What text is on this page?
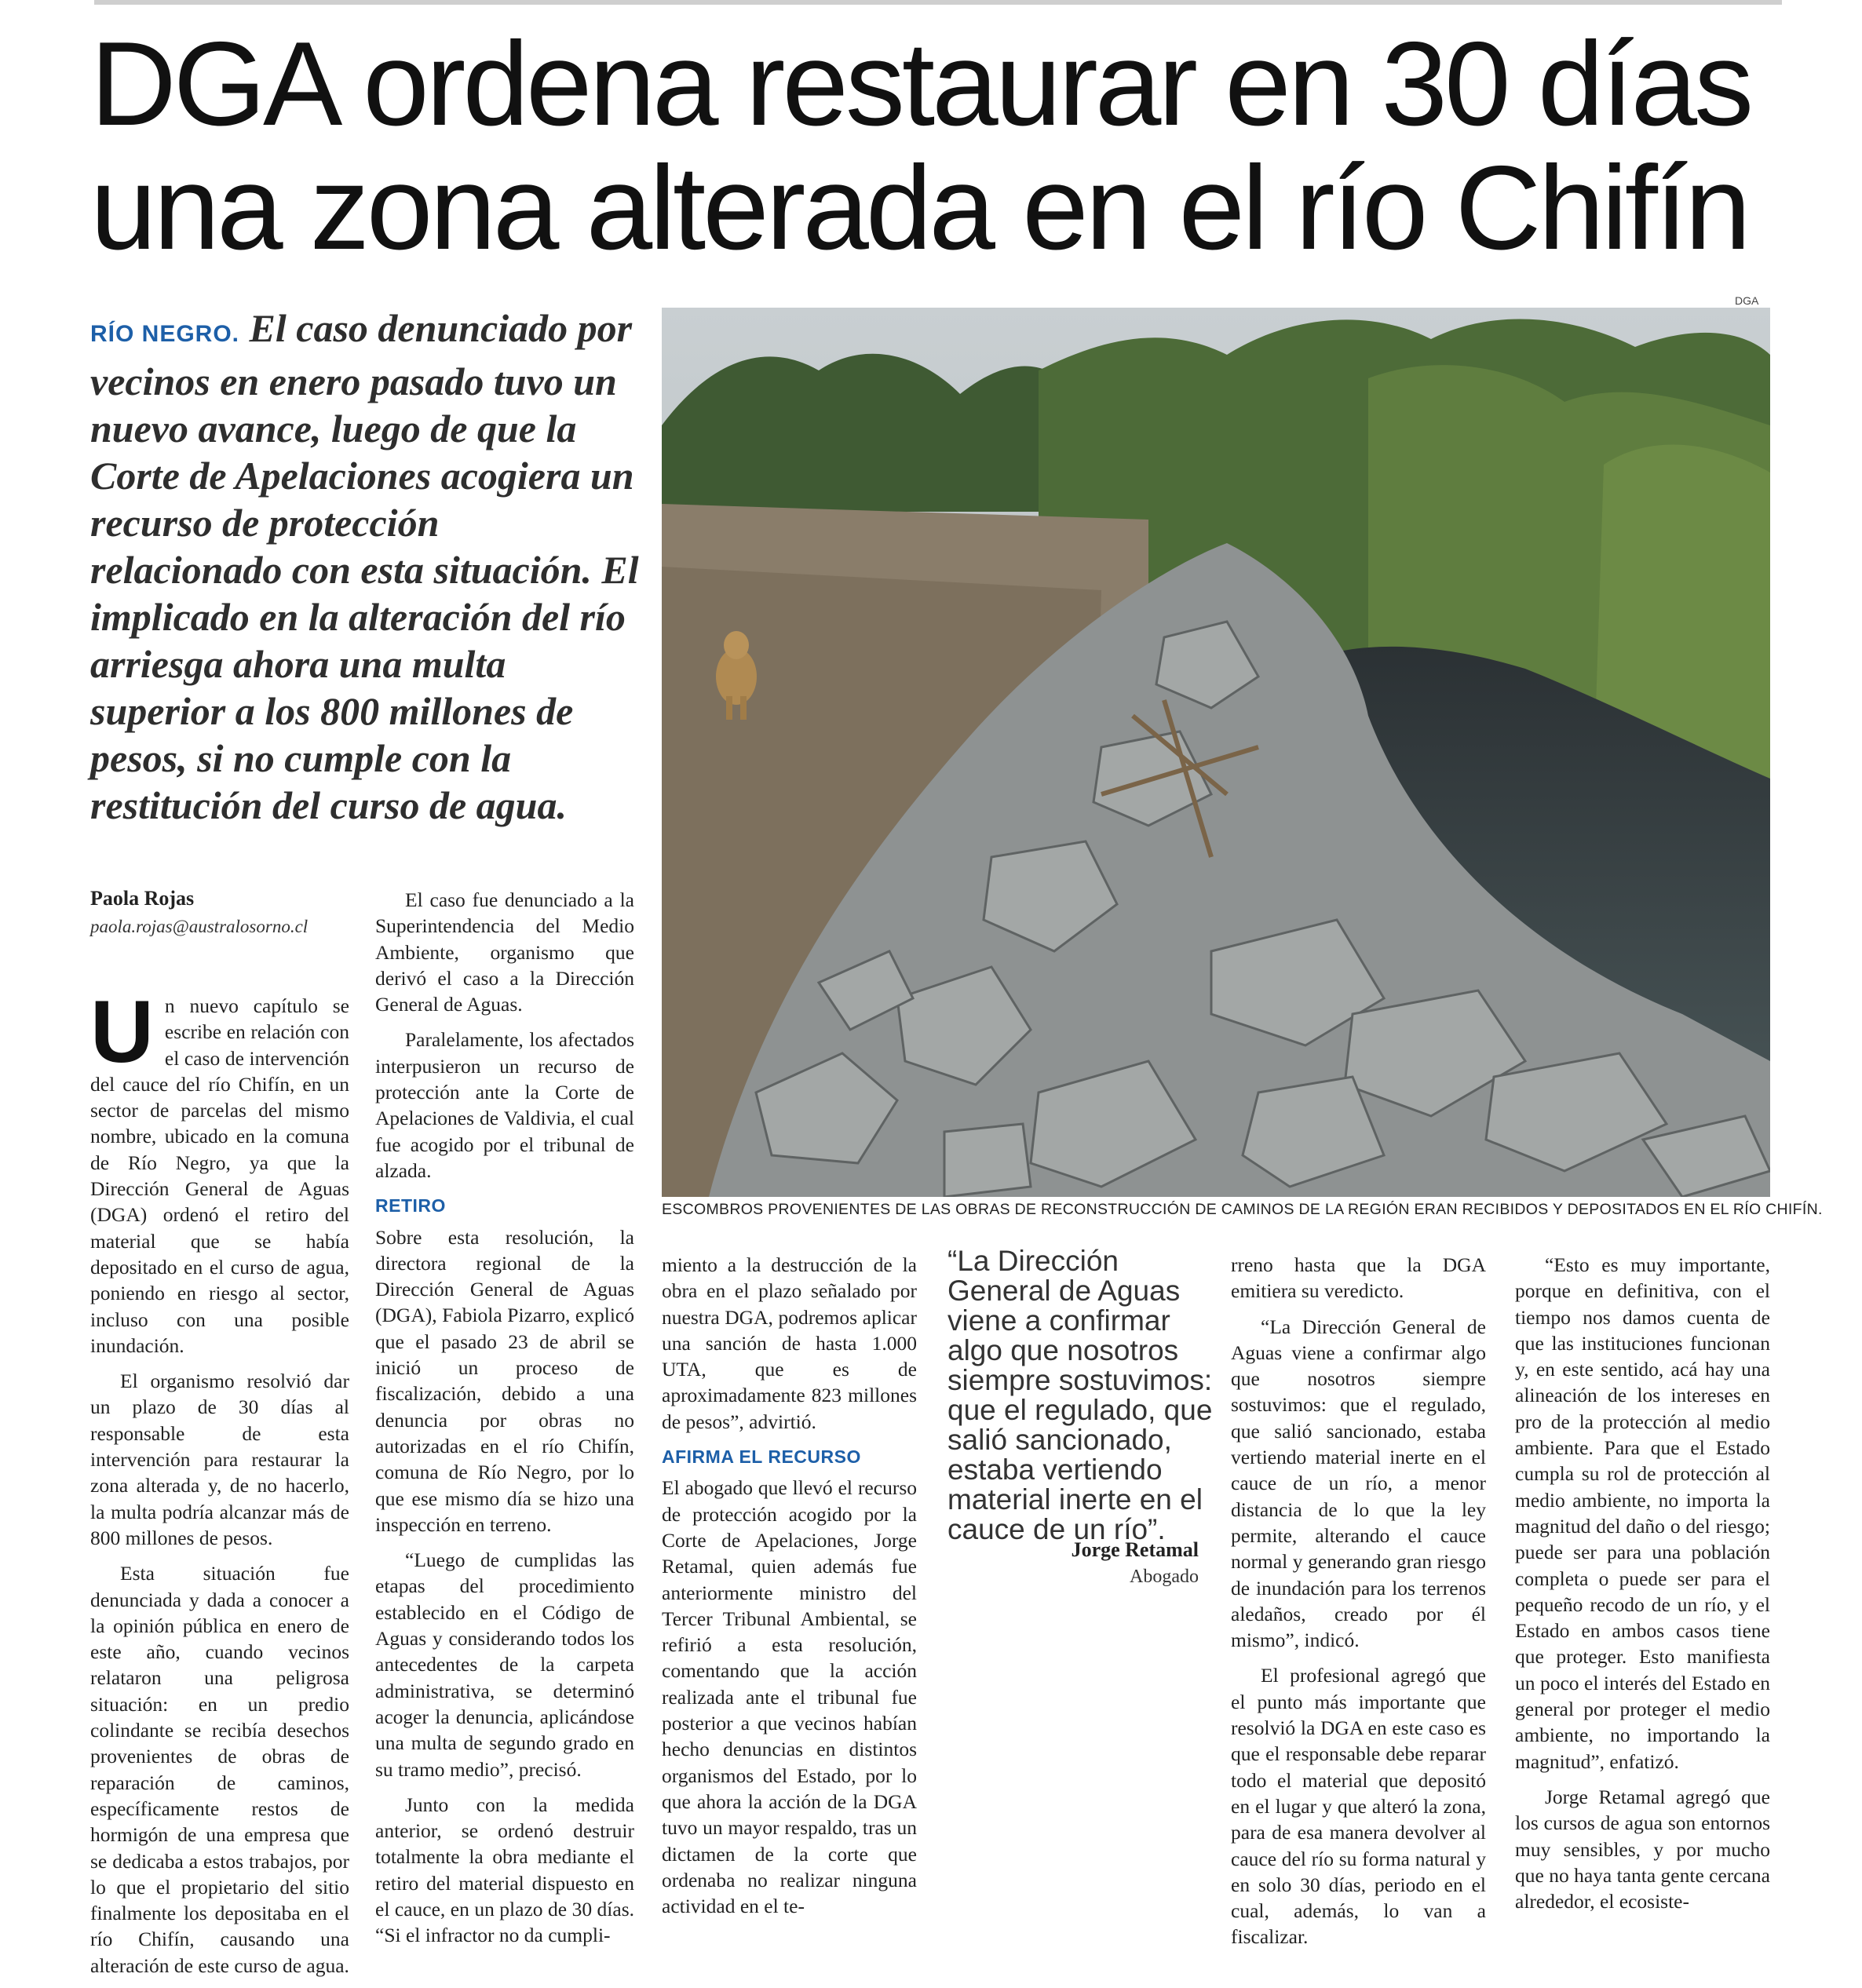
DGA ordena restaurar en 30 días
una zona alterada en el río Chifín
RÍO NEGRO. El caso denunciado por vecinos en enero pasado tuvo un nuevo avance, luego de que la Corte de Apelaciones acogiera un recurso de protección relacionado con esta situación. El implicado en la alteración del río arriesga ahora una multa superior a los 800 millones de pesos, si no cumple con la restitución del curso de agua.
Paola Rojas
paola.rojas@australosorno.cl

Un nuevo capítulo se escribe en relación con el caso de intervención del cauce del río Chifín, en un sector de parcelas del mismo nombre, ubicado en la comuna de Río Negro, ya que la Dirección General de Aguas (DGA) ordenó el retiro del material que se había depositado en el curso de agua, poniendo en riesgo al sector, incluso con una posible inundación.

El organismo resolvió dar un plazo de 30 días al responsable de esta intervención para restaurar la zona alterada y, de no hacerlo, la multa podría alcanzar más de 800 millones de pesos.

Esta situación fue denunciada y dada a conocer a la opinión pública en enero de este año, cuando vecinos relataron una peligrosa situación: en un predio colindante se recibía desechos provenientes de obras de reparación de caminos, específicamente restos de hormigón de una empresa que se dedicaba a estos trabajos, por lo que el propietario del sitio finalmente los depositaba en el río Chifín, causando una alteración de este curso de agua.

El caso fue denunciado a la Superintendencia del Medio Ambiente, organismo que derivó el caso a la Dirección General de Aguas.

Paralelamente, los afectados interpusieron un recurso de protección ante la Corte de Apelaciones de Valdivia, el cual fue acogido por el tribunal de alzada.

RETIRO

Sobre esta resolución, la directora regional de la Dirección General de Aguas (DGA), Fabiola Pizarro, explicó que el pasado 23 de abril se inició un proceso de fiscalización, debido a una denuncia por obras no autorizadas en el río Chifín, comuna de Río Negro, por lo que ese mismo día se hizo una inspección en terreno.

“Luego de cumplidas las etapas del procedimiento establecido en el Código de Aguas y considerando todos los antecedentes de la carpeta administrativa, se determinó acoger la denuncia, aplicándose una multa de segundo grado en su tramo medio”, precisó.

Junto con la medida anterior, se ordenó destruir totalmente la obra mediante el retiro del material dispuesto en el cauce, en un plazo de 30 días. “Si el infractor no da cumpli-

DGA
ESCOMBROS PROVENIENTES DE LAS OBRAS DE RECONSTRUCCIÓN DE CAMINOS DE LA REGIÓN ERAN RECIBIDOS Y DEPOSITADOS EN EL RÍO CHIFÍN.

miento a la destrucción de la obra en el plazo señalado por nuestra DGA, podremos aplicar una sanción de hasta 1.000 UTA, que es de aproximadamente 823 millones de pesos”, advirtió.

AFIRMA EL RECURSO

El abogado que llevó el recurso de protección acogido por la Corte de Apelaciones, Jorge Retamal, quien además fue anteriormente ministro del Tercer Tribunal Ambiental, se refirió a esta resolución, comentando que la acción realizada ante el tribunal fue posterior a que vecinos habían hecho denuncias en distintos organismos del Estado, por lo que ahora la acción de la DGA tuvo un mayor respaldo, tras un dictamen de la corte que ordenaba no realizar ninguna actividad en el te-

“La Dirección General de Aguas viene a confirmar algo que nosotros siempre sostuvimos: que el regulado, que salió sancionado, estaba vertiendo material inerte en el cauce de un río”.
Jorge Retamal
Abogado

rreno hasta que la DGA emitiera su veredicto.

“La Dirección General de Aguas viene a confirmar algo que nosotros siempre sostuvimos: que el regulado, que salió sancionado, estaba vertiendo material inerte en el cauce de un río, a menor distancia de lo que la ley permite, alterando el cauce normal y generando gran riesgo de inundación para los terrenos aledaños, creado por él mismo”, indicó.

El profesional agregó que el punto más importante que resolvió la DGA en este caso es que el responsable debe reparar todo el material que depositó en el lugar y que alteró la zona, para de esa manera devolver al cauce del río su forma natural y en solo 30 días, periodo en el cual, además, lo van a fiscalizar.

“Esto es muy importante, porque en definitiva, con el tiempo nos damos cuenta de que las instituciones funcionan y, en este sentido, acá hay una alineación de los intereses en pro de la protección al medio ambiente. Para que el Estado cumpla su rol de protección al medio ambiente, no importa la magnitud del daño o del riesgo; puede ser para una población completa o puede ser para el pequeño recodo de un río, y el Estado en ambos casos tiene que proteger. Esto manifiesta un poco el interés del Estado en general por proteger el medio ambiente, no importando la magnitud”, enfatizó.

Jorge Retamal agregó que los cursos de agua son entornos muy sensibles, y por mucho que no haya tanta gente cercana alrededor, el ecosiste-
